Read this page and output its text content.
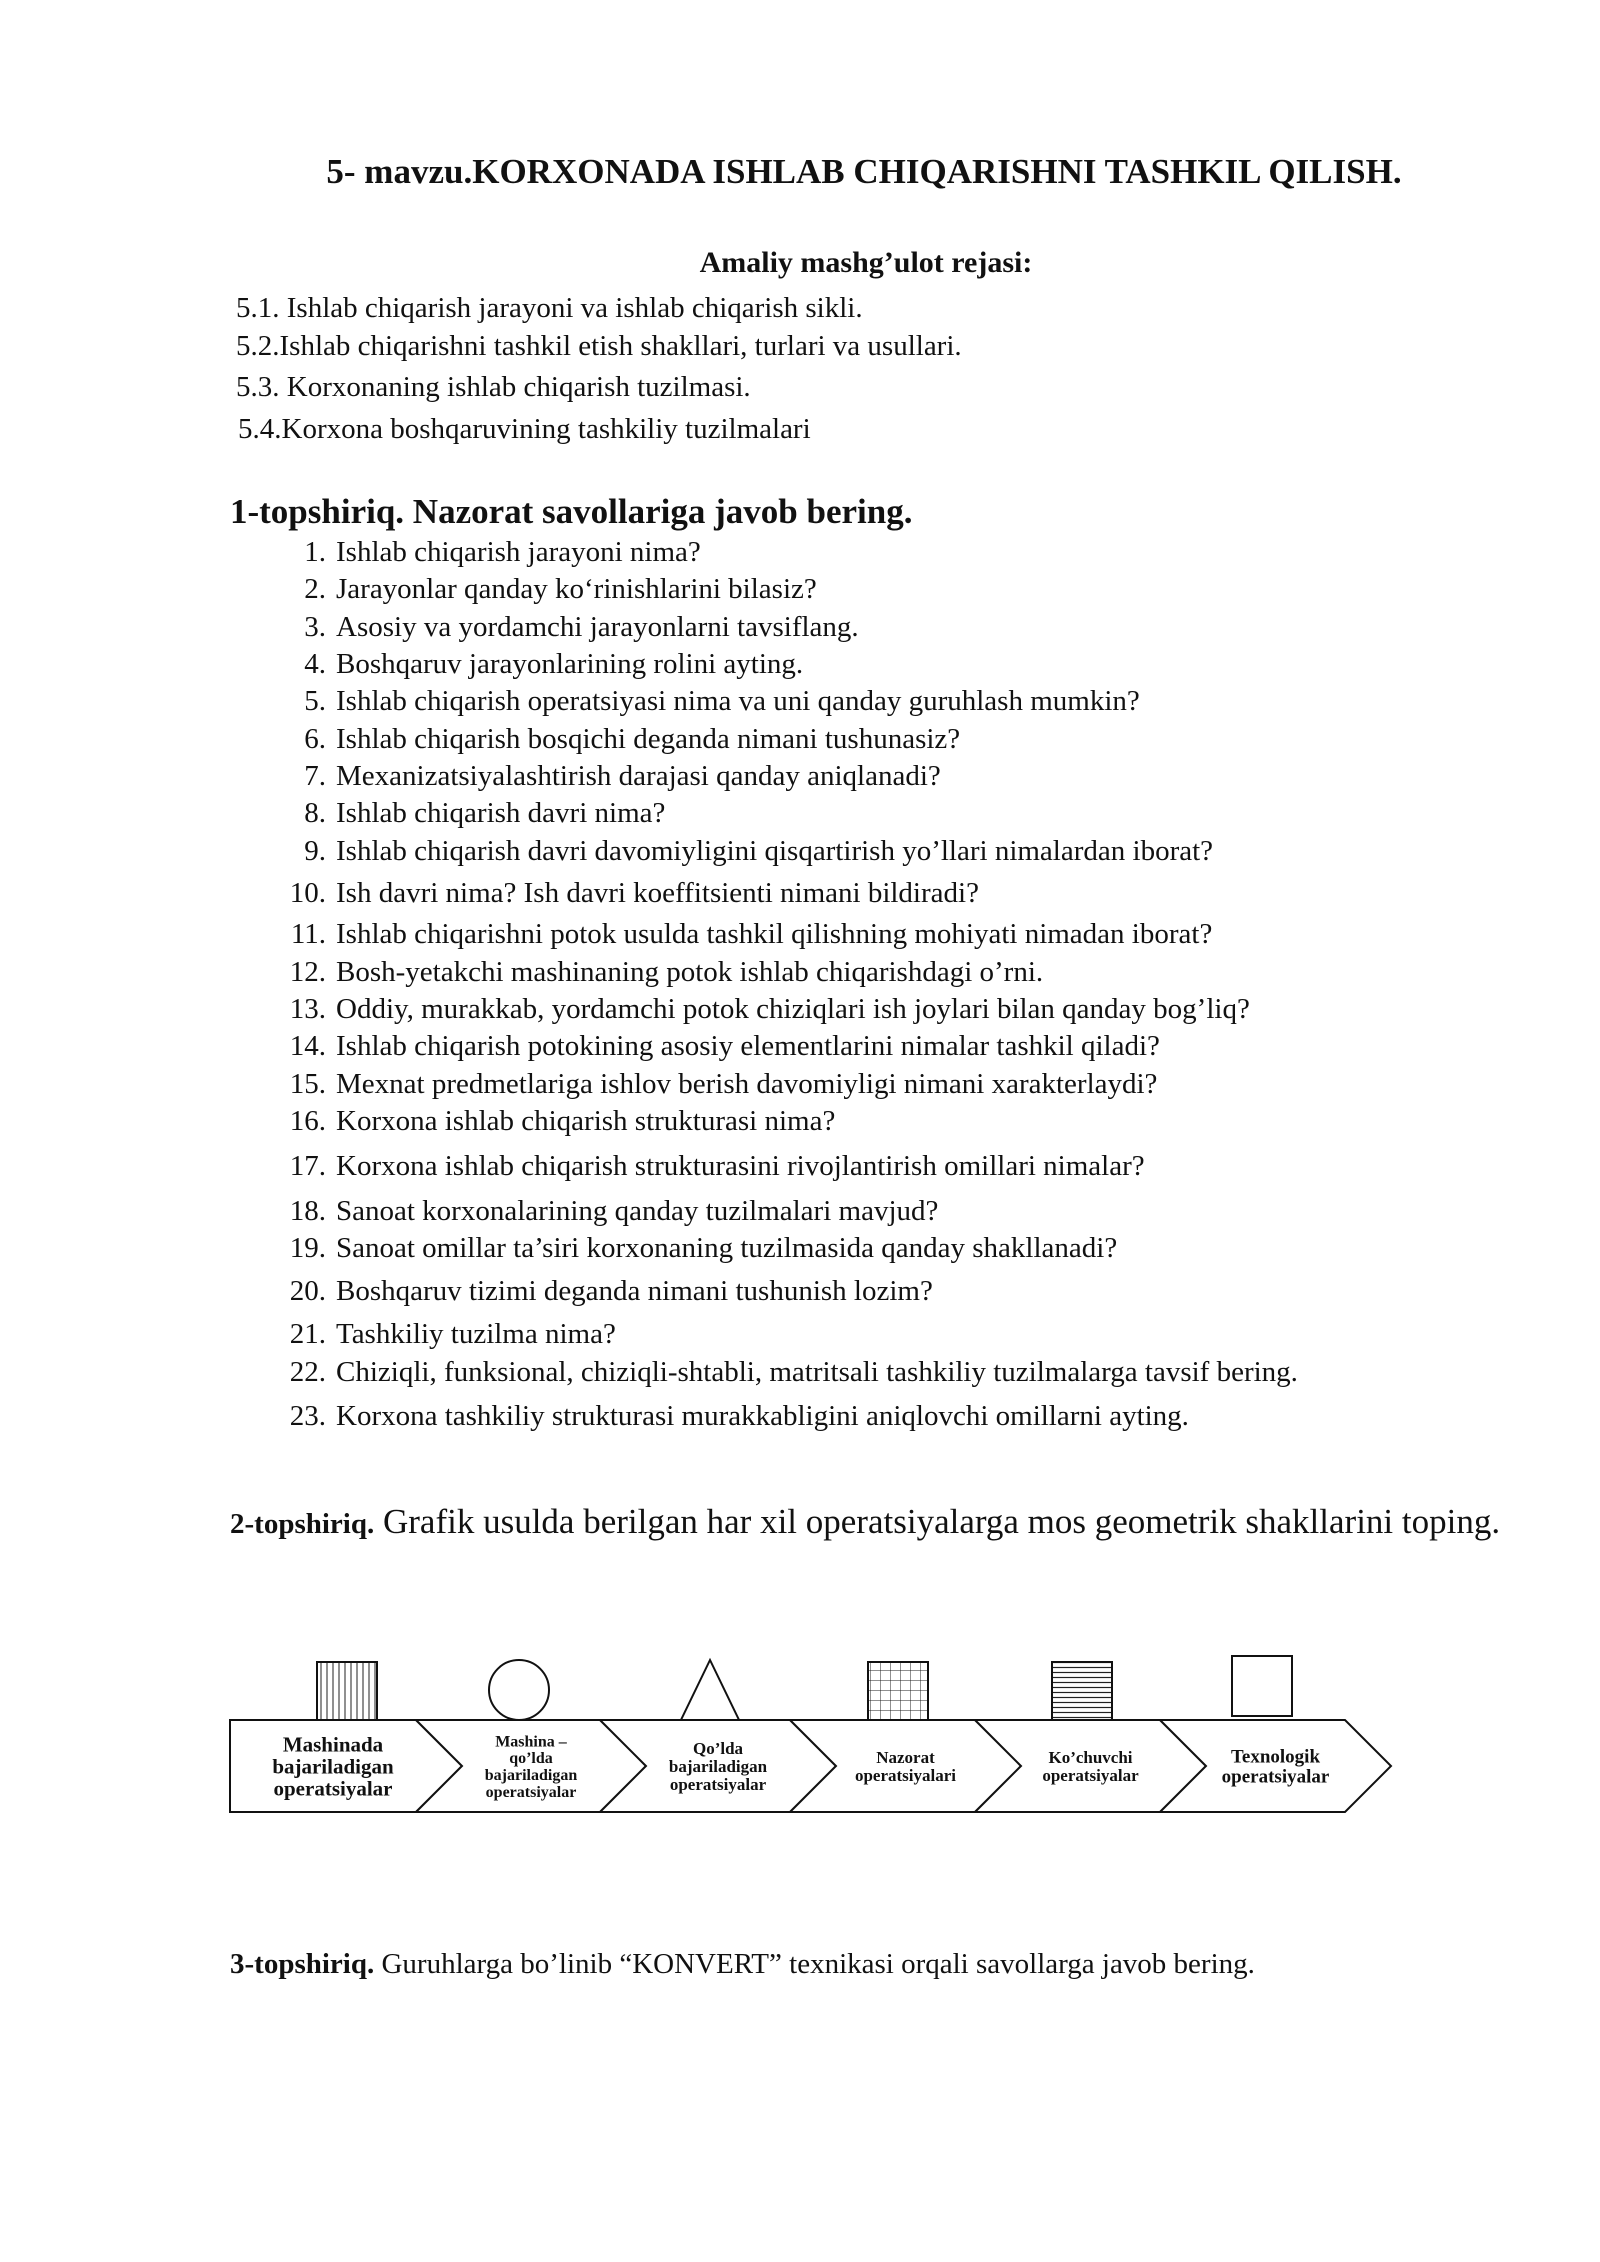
5- mavzu.KORXONADA ISHLAB CHIQARISHNI TASHKIL QILISH.
Amaliy mashg’ulot rejasi:
5.1. Ishlab chiqarish jarayoni va ishlab chiqarish sikli.
5.2.Ishlab chiqarishni tashkil etish shakllari, turlari va usullari.
5.3. Korxonaning ishlab chiqarish tuzilmasi.
5.4.Korxona boshqaruvining tashkiliy tuzilmalari
1-topshiriq. Nazorat savollariga javob bering.
1. Ishlab chiqarish jarayoni nima?
2. Jarayonlar qanday ko‘rinishlarini bilasiz?
3. Asosiy va yordamchi jarayonlarni tavsiflang.
4. Boshqaruv jarayonlarining rolini ayting.
5. Ishlab chiqarish operatsiyasi nima va uni qanday guruhlash mumkin?
6. Ishlab chiqarish bosqichi deganda nimani tushunasiz?
7. Mexanizatsiyalashtirish darajasi qanday aniqlanadi?
8. Ishlab chiqarish davri nima?
9. Ishlab chiqarish davri davomiyligini qisqartirish yo’llari nimalardan iborat?
10. Ish davri nima? Ish davri koeffitsienti nimani bildiradi?
11. Ishlab chiqarishni potok usulda tashkil qilishning mohiyati nimadan iborat?
12. Bosh-yetakchi mashinaning potok ishlab chiqarishdagi o’rni.
13. Oddiy, murakkab, yordamchi potok chiziqlari ish joylari bilan qanday bog’liq?
14. Ishlab chiqarish potokining asosiy elementlarini nimalar tashkil qiladi?
15. Mexnat predmetlariga ishlov berish davomiyligi nimani xarakterlaydi?
16. Korxona ishlab chiqarish strukturasi nima?
17. Korxona ishlab chiqarish strukturasini rivojlantirish omillari nimalar?
18. Sanoat korxonalarining qanday tuzilmalari mavjud?
19. Sanoat omillar ta’siri korxonaning tuzilmasida qanday shakllanadi?
20. Boshqaruv tizimi deganda nimani tushunish lozim?
21. Tashkiliy tuzilma nima?
22. Chiziqli, funksional, chiziqli-shtabli, matritsali tashkiliy tuzilmalarga tavsif bering.
23. Korxona tashkiliy strukturasi murakkabligini aniqlovchi omillarni ayting.
2-topshiriq. Grafik usulda berilgan har xil operatsiyalarga mos geometrik shakllarini toping.
Mashinada
bajariladigan
operatsiyalar
Mashina –
qo’lda
bajariladigan
operatsiyalar
Qo’lda
bajariladigan
operatsiyalar
Nazorat
operatsiyalari
Ko’chuvchi
operatsiyalar
Texnologik
operatsiyalar
3-topshiriq. Guruhlarga bo’linib “KONVERT” texnikasi orqali savollarga javob bering.
